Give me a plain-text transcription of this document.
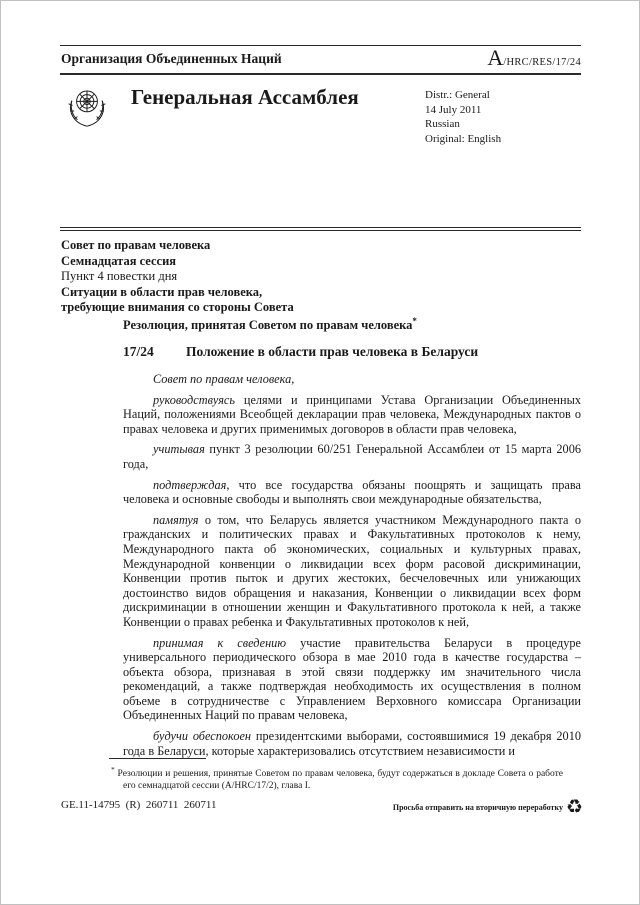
Организация Объединенных Наций	A /HRC/RES/17/24
Генеральная Ассамблея	Distr.: General
14 July 2011
Russian
Original: English
Совет по правам человека
Семнадцатая сессия
Пункт 4 повестки дня
Ситуации в области прав человека,
требующие внимания со стороны Совета
Резолюция, принятая Советом по правам человека*
17/24	Положение в области прав человека в Беларуси

Совет по правам человека,

руководствуясь целями и принципами Устава Организации Объединенных Наций, положениями Всеобщей декларации прав человека, Международных пактов о правах человека и других применимых договоров в области прав человека,

учитывая пункт 3 резолюции 60/251 Генеральной Ассамблеи от 15 марта 2006 года,

подтверждая, что все государства обязаны поощрять и защищать права человека и основные свободы и выполнять свои международные обязательства,

памятуя о том, что Беларусь является участником Международного пакта о гражданских и политических правах и Факультативных протоколов к нему, Международного пакта об экономических, социальных и культурных правах, Международной конвенции о ликвидации всех форм расовой дискриминации, Конвенции против пыток и других жестоких, бесчеловечных или унижающих достоинство видов обращения и наказания, Конвенции о ликвидации всех форм дискриминации в отношении женщин и Факультативного протокола к ней, а также Конвенции о правах ребенка и Факультативных протоколов к ней,

принимая к сведению участие правительства Беларуси в процедуре универсального периодического обзора в мае 2010 года в качестве государства – объекта обзора, признавая в этой связи поддержку им значительного числа рекомендаций, а также подтверждая необходимость их осуществления в полном объеме в сотрудничестве с Управлением Верховного комиссара Организации Объединенных Наций по правам человека,

будучи обеспокоен президентскими выборами, состоявшимися 19 декабря 2010 года в Беларуси, которые характеризовались отсутствием независимости и

* Резолюции и решения, принятые Советом по правам человека, будут содержаться в докладе Совета о работе его семнадцатой сессии (A/HRC/17/2), глава I.
GE.11-14795  (R)  260711  260711	Просьба отправить на вторичную переработку ♻
